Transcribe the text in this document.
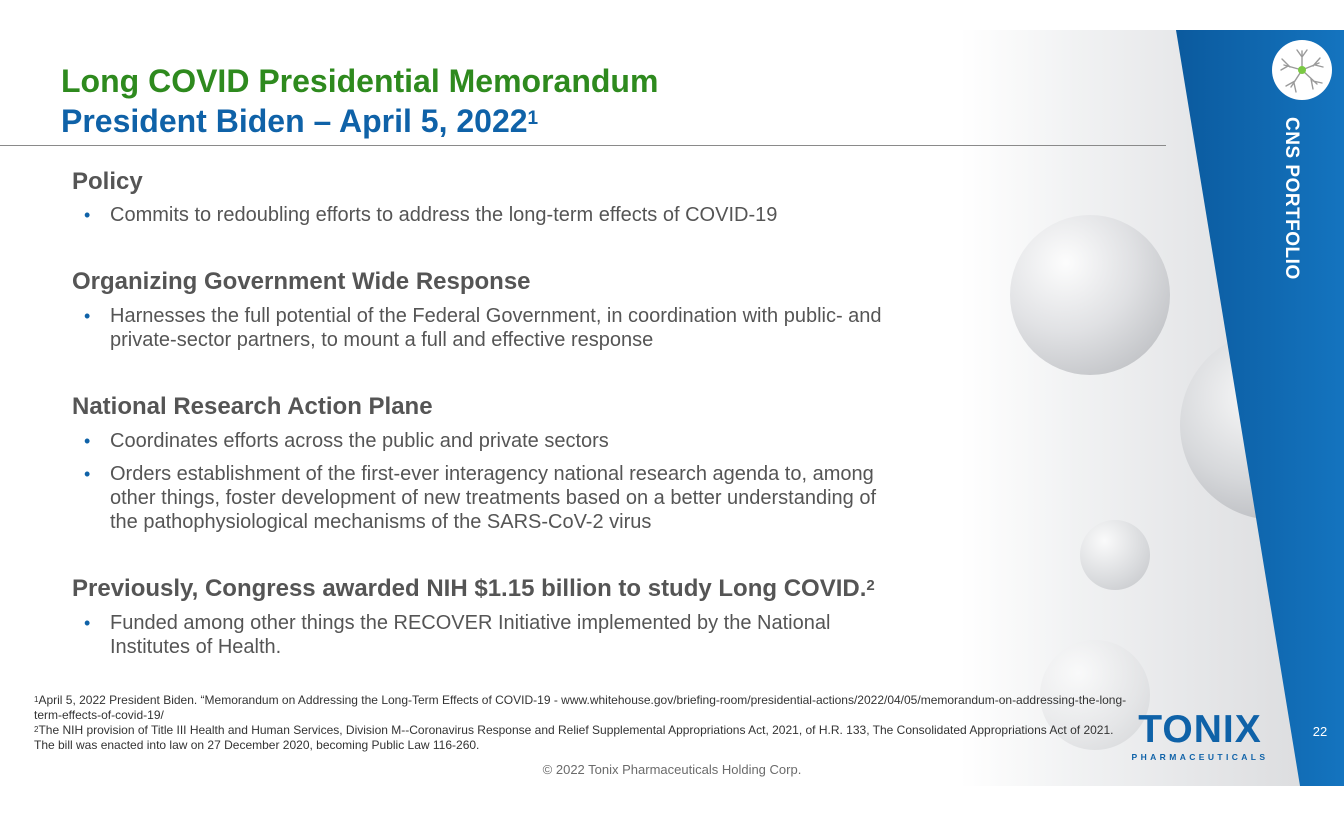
CNS PORTFOLIO
Long COVID Presidential Memorandum
President Biden – April 5, 2022$^1$
Policy
• Commits to redoubling efforts to address the long-term effects of COVID-19
Organizing Government Wide Response
• Harnesses the full potential of the Federal Government, in coordination with public- and
private-sector partners, to mount a full and effective response
National Research Action Plane
• Coordinates efforts across the public and private sectors
• Orders establishment of the first-ever interagency national research agenda to, among
other things, foster development of new treatments based on a better understanding of
the pathophysiological mechanisms of the SARS-CoV-2 virus
Previously, Congress awarded NIH $1.15 billion to study Long COVID.$^2$
• Funded among other things the RECOVER Initiative implemented by the National
Institutes of Health.

$^1$April 5, 2022 President Biden. “Memorandum on Addressing the Long-Term Effects of COVID-19 - www.whitehouse.gov/briefing-room/presidential-actions/2022/04/05/memorandum-on-addressing-the-long-term-effects-of-covid-19/

$^2$The NIH provision of Title III Health and Human Services, Division M--Coronavirus Response and Relief Supplemental Appropriations Act, 2021, of H.R. 133, The Consolidated Appropriations Act of 2021. The bill was enacted into law on 27 December 2020, becoming Public Law 116-260.

© 2022 Tonix Pharmaceuticals Holding Corp.
TONIX
PHARMACEUTICALS
22
